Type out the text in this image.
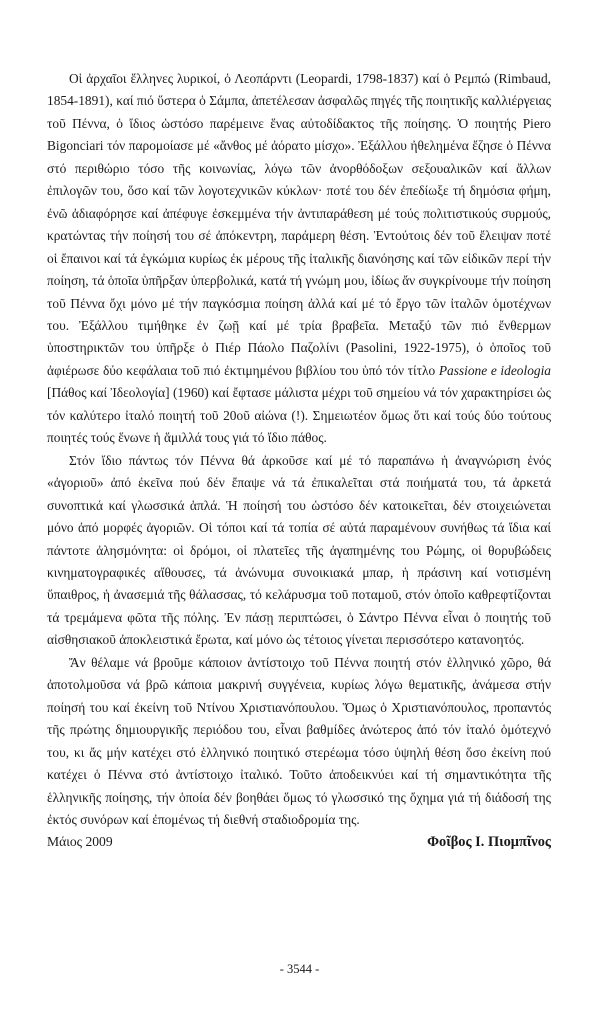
Οἱ ἀρχαῖοι ἕλληνες λυρικοί, ὁ Λεοπάρντι (Leopardi, 1798-1837) καί ὁ Ρεμπώ (Rimbaud, 1854-1891), καί πιό ὕστερα ὁ Σάμπα, ἀπετέλεσαν ἀσφαλῶς πηγές τῆς ποιητικῆς καλλιέργειας τοῦ Πέννα, ὁ ἴδιος ὡστόσο παρέμεινε ἕνας αὐτοδίδακτος τῆς ποίησης. Ὁ ποιητής Piero Bigonciari τόν παρομοίασε μέ «ἄνθος μέ ἀόρατο μίσχο». Ἐξάλλου ἠθελημένα ἔζησε ὁ Πέννα στό περιθώριο τόσο τῆς κοινωνίας, λόγω τῶν ἀνορθόδοξων σεξουαλικῶν καί ἄλλων ἐπιλογῶν του, ὅσο καί τῶν λογοτεχνικῶν κύκλων· ποτέ του δέν ἐπεδίωξε τή δημόσια φήμη, ἐνῶ ἀδιαφόρησε καί ἀπέφυγε ἐσκεμμένα τήν ἀντιπαράθεση μέ τούς πολιτιστικούς συρμούς, κρατώντας τήν ποίησή του σέ ἀπόκεντρη, παράμερη θέση. Ἐντούτοις δέν τοῦ ἔλειψαν ποτέ οἱ ἔπαινοι καί τά ἐγκώμια κυρίως ἐκ μέρους τῆς ἰταλικῆς διανόησης καί τῶν εἰδικῶν περί τήν ποίηση, τά ὁποῖα ὑπῆρξαν ὑπερβολικά, κατά τή γνώμη μου, ἰδίως ἄν συγκρίνουμε τήν ποίηση τοῦ Πέννα ὄχι μόνο μέ τήν παγκόσμια ποίηση ἀλλά καί μέ τό ἔργο τῶν ἰταλῶν ὁμοτέχνων του. Ἐξάλλου τιμήθηκε ἐν ζωῇ καί μέ τρία βραβεῖα. Μεταξύ τῶν πιό ἔνθερμων ὑποστηρικτῶν του ὑπῆρξε ὁ Πιέρ Πάολο Παζολίνι (Pasolini, 1922-1975), ὁ ὁποῖος τοῦ ἀφιέρωσε δύο κεφάλαια τοῦ πιό ἐκτιμημένου βιβλίου του ὑπό τόν τίτλο Passione e ideologia [Πάθος καί Ἰδεολογία] (1960) καί ἔφτασε μάλιστα μέχρι τοῦ σημείου νά τόν χαρακτηρίσει ὡς τόν καλύτερο ἰταλό ποιητή τοῦ 20οῦ αἰώνα (!). Σημειωτέον ὅμως ὅτι καί τούς δύο τούτους ποιητές τούς ἕνωνε ἡ ἅμιλλά τους γιά τό ἴδιο πάθος.

Στόν ἴδιο πάντως τόν Πέννα θά ἀρκοῦσε καί μέ τό παραπάνω ἡ ἀναγνώριση ἑνός «ἀγοριοῦ» ἀπό ἐκεῖνα πού δέν ἔπαψε νά τά ἐπικαλεῖται στά ποιήματά του, τά ἀρκετά συνοπτικά καί γλωσσικά ἁπλά. Ἡ ποίησή του ὡστόσο δέν κατοικεῖται, δέν στοιχειώνεται μόνο ἀπό μορφές ἀγοριῶν. Οἱ τόποι καί τά τοπία σέ αὐτά παραμένουν συνήθως τά ἴδια καί πάντοτε ἀλησμόνητα: οἱ δρόμοι, οἱ πλατεῖες τῆς ἀγαπημένης του Ρώμης, οἱ θορυβώδεις κινηματογραφικές αἴθουσες, τά ἀνώνυμα συνοικιακά μπαρ, ἡ πράσινη καί νοτισμένη ὕπαιθρος, ἡ ἀνασεμιά τῆς θάλασσας, τό κελάρυσμα τοῦ ποταμοῦ, στόν ὁποῖο καθρεφτίζονται τά τρεμάμενα φῶτα τῆς πόλης. Ἐν πάσῃ περιπτώσει, ὁ Σάντρο Πέννα εἶναι ὁ ποιητής τοῦ αἰσθησιακοῦ ἀποκλειστικά ἔρωτα, καί μόνο ὡς τέτοιος γίνεται περισσότερο κατανοητός.

Ἄν θέλαμε νά βροῦμε κάποιον ἀντίστοιχο τοῦ Πέννα ποιητή στόν ἑλληνικό χῶρο, θά ἀποτολμοῦσα νά βρῶ κάποια μακρινή συγγένεια, κυρίως λόγω θεματικῆς, ἀνάμεσα στήν ποίησή του καί ἐκείνη τοῦ Ντίνου Χριστιανόπουλου. Ὅμως ὁ Χριστιανόπουλος, προπαντός τῆς πρώτης δημιουργικῆς περιόδου του, εἶναι βαθμίδες ἀνώτερος ἀπό τόν ἰταλό ὁμότεχνό του, κι ἄς μήν κατέχει στό ἑλληνικό ποιητικό στερέωμα τόσο ὑψηλή θέση ὅσο ἐκείνη πού κατέχει ὁ Πέννα στό ἀντίστοιχο ἰταλικό. Τοῦτο ἀποδεικνύει καί τή σημαντικότητα τῆς ἑλληνικῆς ποίησης, τήν ὁποία δέν βοηθάει ὅμως τό γλωσσικό της ὄχημα γιά τή διάδοσή της ἐκτός συνόρων καί ἐπομένως τή διεθνή σταδιοδρομία της.

Μάιος 2009	Φοῖβος Ι. Πιομπῖνος
- 3544 -
